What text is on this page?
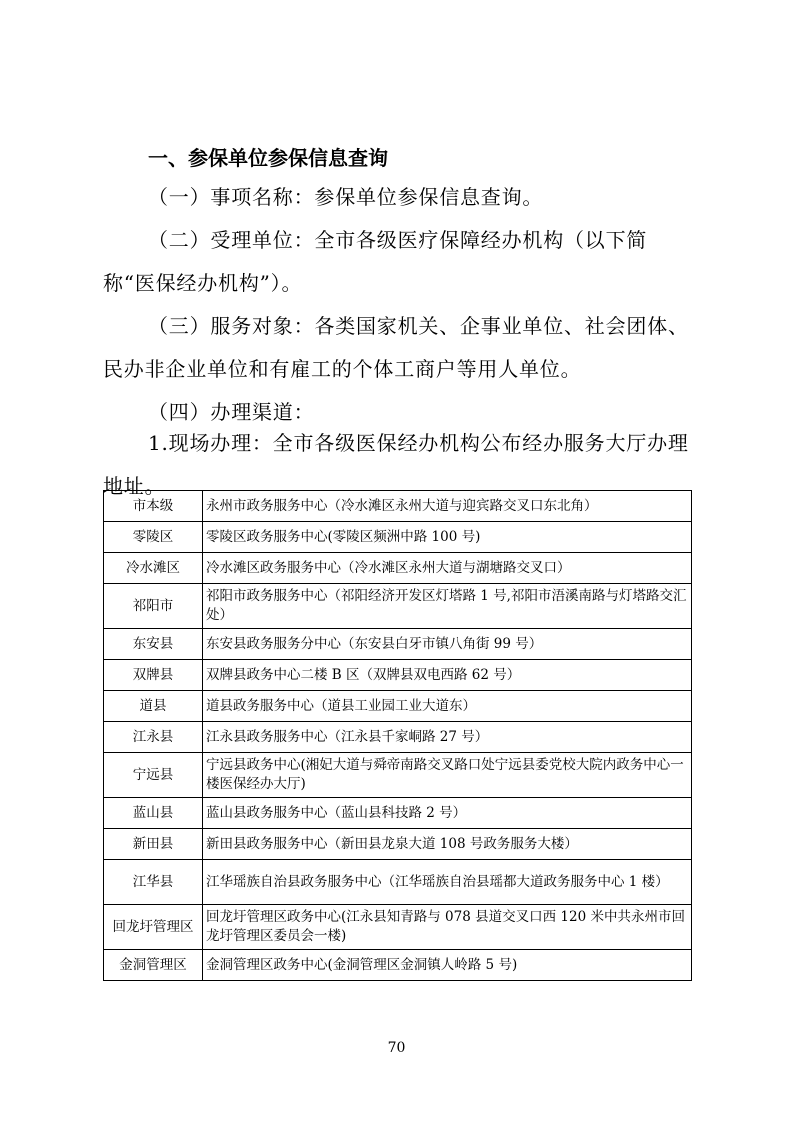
一、参保单位参保信息查询

（一）事项名称：参保单位参保信息查询。

（二）受理单位：全市各级医疗保障经办机构（以下简称“医保经办机构”）。

（三）服务对象：各类国家机关、企事业单位、社会团体、民办非企业单位和有雇工的个体工商户等用人单位。

（四）办理渠道：

1.现场办理：全市各级医保经办机构公布经办服务大厅办理地址。

市本级	永州市政务服务中心（冷水滩区永州大道与迎宾路交叉口东北角）
零陵区	零陵区政务服务中心(零陵区频洲中路 100 号)
冷水滩区	冷水滩区政务服务中心（冷水滩区永州大道与湖塘路交叉口）
祁阳市	祁阳市政务服务中心（祁阳经济开发区灯塔路 1 号,祁阳市浯溪南路与灯塔路交汇处）
东安县	东安县政务服务分中心（东安县白牙市镇八角街 99 号）
双牌县	双牌县政务中心二楼 B 区（双牌县双电西路 62 号）
道县	道县政务服务中心（道县工业园工业大道东）
江永县	江永县政务服务中心（江永县千家峒路 27 号）
宁远县	宁远县政务中心(湘妃大道与舜帝南路交叉路口处宁远县委党校大院内政务中心一楼医保经办大厅)
蓝山县	蓝山县政务服务中心（蓝山县科技路 2 号）
新田县	新田县政务服务中心（新田县龙泉大道 108 号政务服务大楼）
江华县	江华瑶族自治县政务服务中心（江华瑶族自治县瑶都大道政务服务中心 1 楼）
回龙圩管理区	回龙圩管理区政务中心(江永县知青路与 078 县道交叉口西 120 米中共永州市回龙圩管理区委员会一楼)
金洞管理区	金洞管理区政务中心(金洞管理区金洞镇人岭路 5 号)

70
